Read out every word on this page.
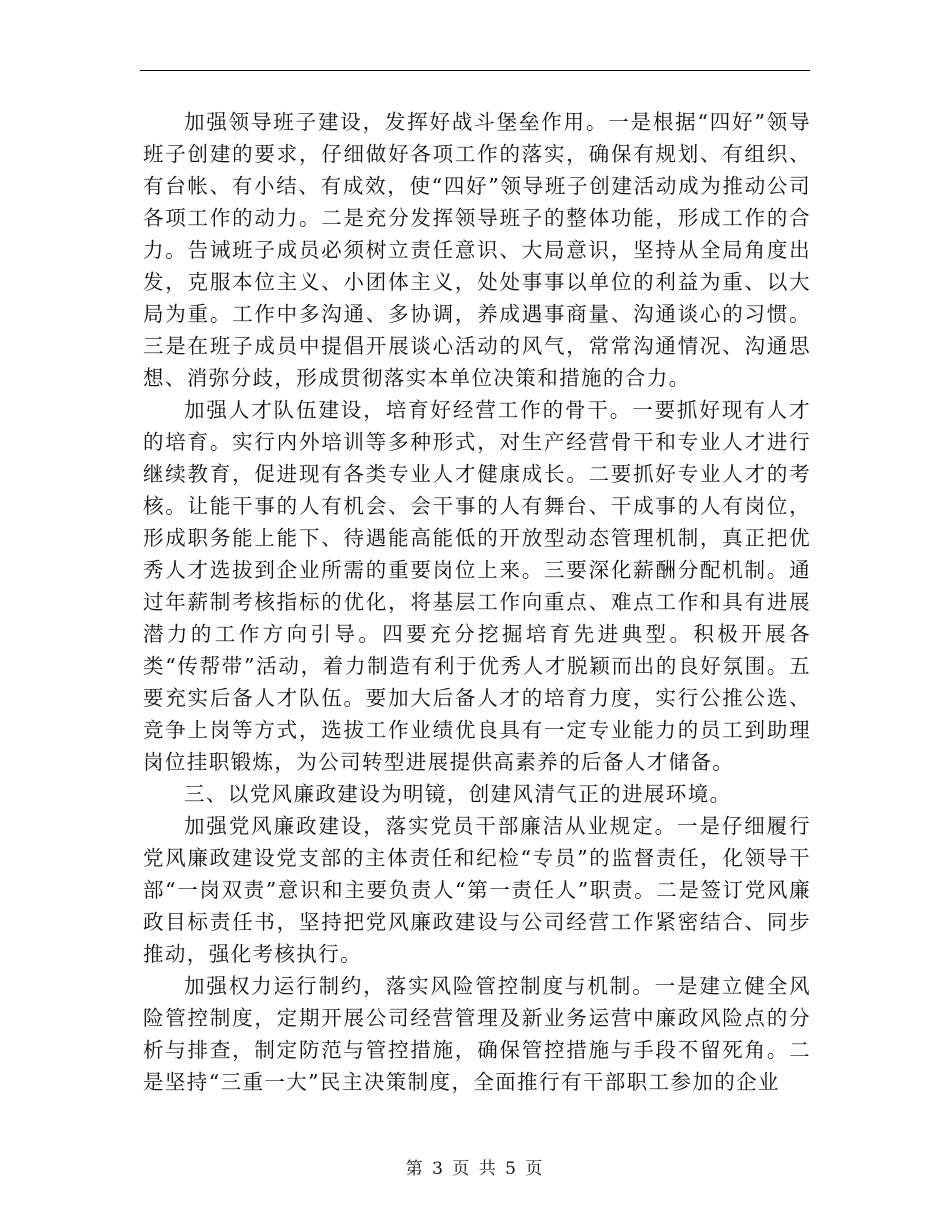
加强领导班子建设，发挥好战斗堡垒作用。一是根据“四好”领导班子创建的要求，仔细做好各项工作的落实，确保有规划、有组织、有台帐、有小结、有成效，使“四好”领导班子创建活动成为推动公司各项工作的动力。二是充分发挥领导班子的整体功能，形成工作的合力。告诫班子成员必须树立责任意识、大局意识，坚持从全局角度出发，克服本位主义、小团体主义，处处事事以单位的利益为重、以大局为重。工作中多沟通、多协调，养成遇事商量、沟通谈心的习惯。三是在班子成员中提倡开展谈心活动的风气，常常沟通情况、沟通思想、消弥分歧，形成贯彻落实本单位决策和措施的合力。

加强人才队伍建设，培育好经营工作的骨干。一要抓好现有人才的培育。实行内外培训等多种形式，对生产经营骨干和专业人才进行继续教育，促进现有各类专业人才健康成长。二要抓好专业人才的考核。让能干事的人有机会、会干事的人有舞台、干成事的人有岗位，形成职务能上能下、待遇能高能低的开放型动态管理机制，真正把优秀人才选拔到企业所需的重要岗位上来。三要深化薪酬分配机制。通过年薪制考核指标的优化，将基层工作向重点、难点工作和具有进展潜力的工作方向引导。四要充分挖掘培育先进典型。积极开展各类“传帮带”活动，着力制造有利于优秀人才脱颖而出的良好氛围。五要充实后备人才队伍。要加大后备人才的培育力度，实行公推公选、竞争上岗等方式，选拔工作业绩优良具有一定专业能力的员工到助理岗位挂职锻炼，为公司转型进展提供高素养的后备人才储备。

三、以党风廉政建设为明镜，创建风清气正的进展环境。

加强党风廉政建设，落实党员干部廉洁从业规定。一是仔细履行党风廉政建设党支部的主体责任和纪检“专员”的监督责任，化领导干部“一岗双责”意识和主要负责人“第一责任人”职责。二是签订党风廉政目标责任书，坚持把党风廉政建设与公司经营工作紧密结合、同步推动，强化考核执行。

加强权力运行制约，落实风险管控制度与机制。一是建立健全风险管控制度，定期开展公司经营管理及新业务运营中廉政风险点的分析与排查，制定防范与管控措施，确保管控措施与手段不留死角。二是坚持“三重一大”民主决策制度，全面推行有干部职工参加的企业

第 3 页 共 5 页
